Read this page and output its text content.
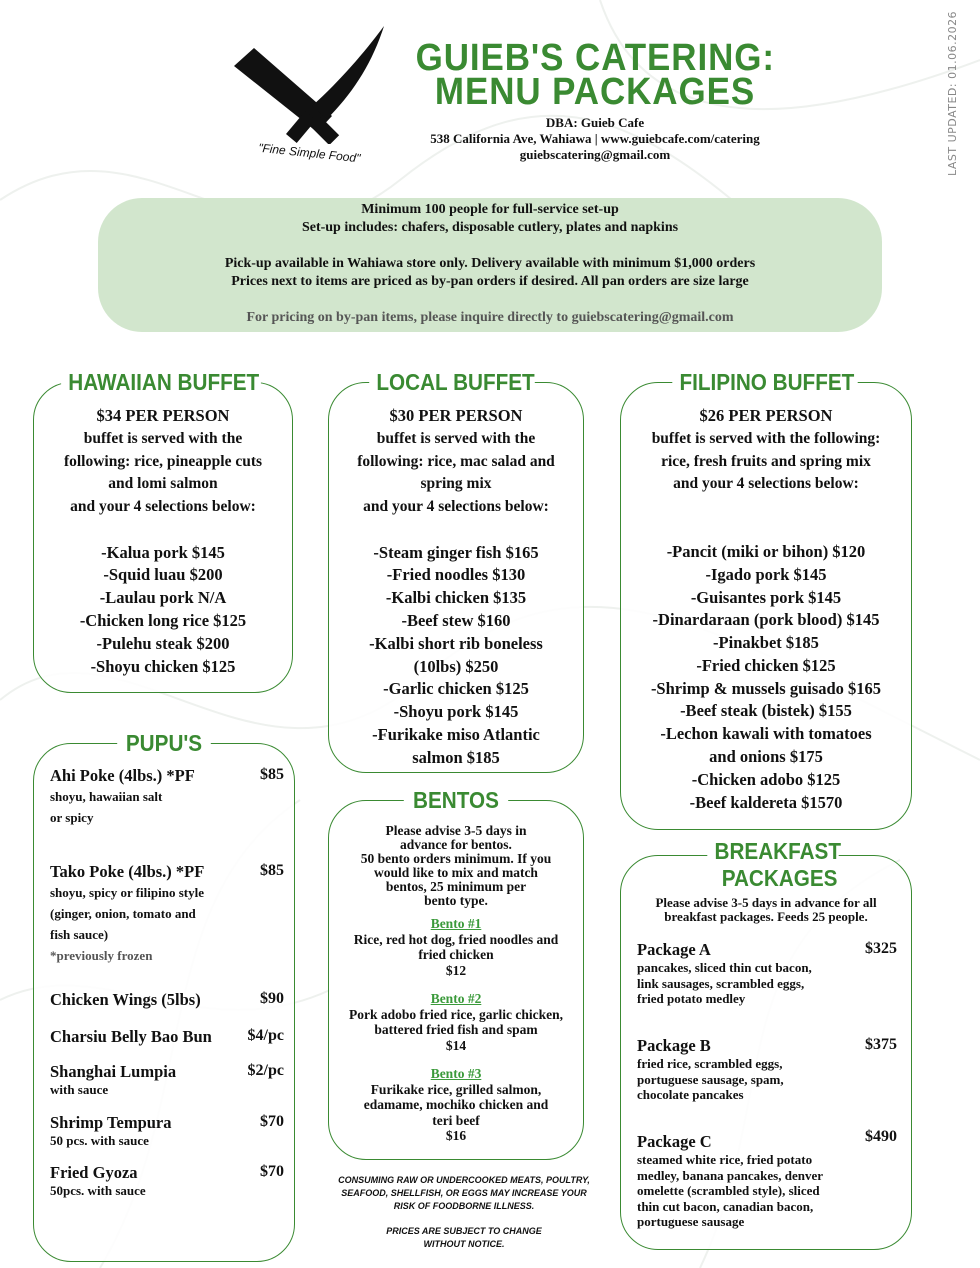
"Fine Simple Food"
GUIEB'S CATERING:
MENU PACKAGES
DBA: Guieb Cafe
538 California Ave, Wahiawa | www.guiebcafe.com/catering
guiebscatering@gmail.com	LAST UPDATED: 01.06.2026
Minimum 100 people for full-service set-up
Set-up includes: chafers, disposable cutlery, plates and napkins
Pick-up available in Wahiawa store only. Delivery available with minimum $1,000 orders
Prices next to items are priced as by-pan orders if desired. All pan orders are size large
For pricing on by-pan items, please inquire directly to guiebscatering@gmail.com
HAWAIIAN BUFFET
$34 PER PERSON
buffet is served with the
following: rice, pineapple cuts
and lomi salmon
and your 4 selections below:
-Kalua pork $145
-Squid luau $200
-Laulau pork N/A
-Chicken long rice $125
-Pulehu steak $200
-Shoyu chicken $125
LOCAL BUFFET
$30 PER PERSON
buffet is served with the
following: rice, mac salad and
spring mix
and your 4 selections below:
-Steam ginger fish $165
-Fried noodles $130
-Kalbi chicken $135
-Beef stew $160
-Kalbi short rib boneless
(10lbs) $250
-Garlic chicken $125
-Shoyu pork $145
-Furikake miso Atlantic
salmon $185
FILIPINO BUFFET
$26 PER PERSON
buffet is served with the following:
rice, fresh fruits and spring mix
and your 4 selections below:
-Pancit (miki or bihon) $120
-Igado pork $145
-Guisantes pork $145
-Dinardaraan (pork blood) $145
-Pinakbet $185
-Fried chicken $125
-Shrimp & mussels guisado $165
-Beef steak (bistek) $155
-Lechon kawali with tomatoes
and onions $175
-Chicken adobo $125
-Beef kaldereta $1570
Ahi Poke (4lbs.) *PF	$85
shoyu, hawaiian salt
or spicy
Tako Poke (4lbs.) *PF	$85
shoyu, spicy or filipino style
(ginger, onion, tomato and
fish sauce)
*previously frozen
Chicken Wings (5lbs)	$90
Charsiu Belly Bao Bun	$4/pc
Shanghai Lumpia	$2/pc
with sauce
Shrimp Tempura	$70
50 pcs. with sauce
Fried Gyoza	$70
50pcs. with sauce
PUPU'S
BENTOS
Please advise 3-5 days in
advance for bentos.
50 bento orders minimum. If you
would like to mix and match
bentos, 25 minimum per
bento type.
Bento #1
Rice, red hot dog, fried noodles and
fried chicken
$12
Bento #2
Pork adobo fried rice, garlic chicken,
battered fried fish and spam
$14
Bento #3
Furikake rice, grilled salmon,
edamame, mochiko chicken and
teri beef
$16
CONSUMING RAW OR UNDERCOOKED MEATS, POULTRY,
SEAFOOD, SHELLFISH, OR EGGS MAY INCREASE YOUR
RISK OF FOODBORNE ILLNESS.
PRICES ARE SUBJECT TO CHANGE
WITHOUT NOTICE.
Please advise 3-5 days in advance for all
breakfast packages. Feeds 25 people.
Package A	$325
pancakes, sliced thin cut bacon,
link sausages, scrambled eggs,
fried potato medley
Package B	$375
fried rice, scrambled eggs,
portuguese sausage, spam,
chocolate pancakes
Package C	$490
steamed white rice, fried potato
medley, banana pancakes, denver
omelette (scrambled style), sliced
thin cut bacon, canadian bacon,
portuguese sausage
BREAKFAST
PACKAGES
